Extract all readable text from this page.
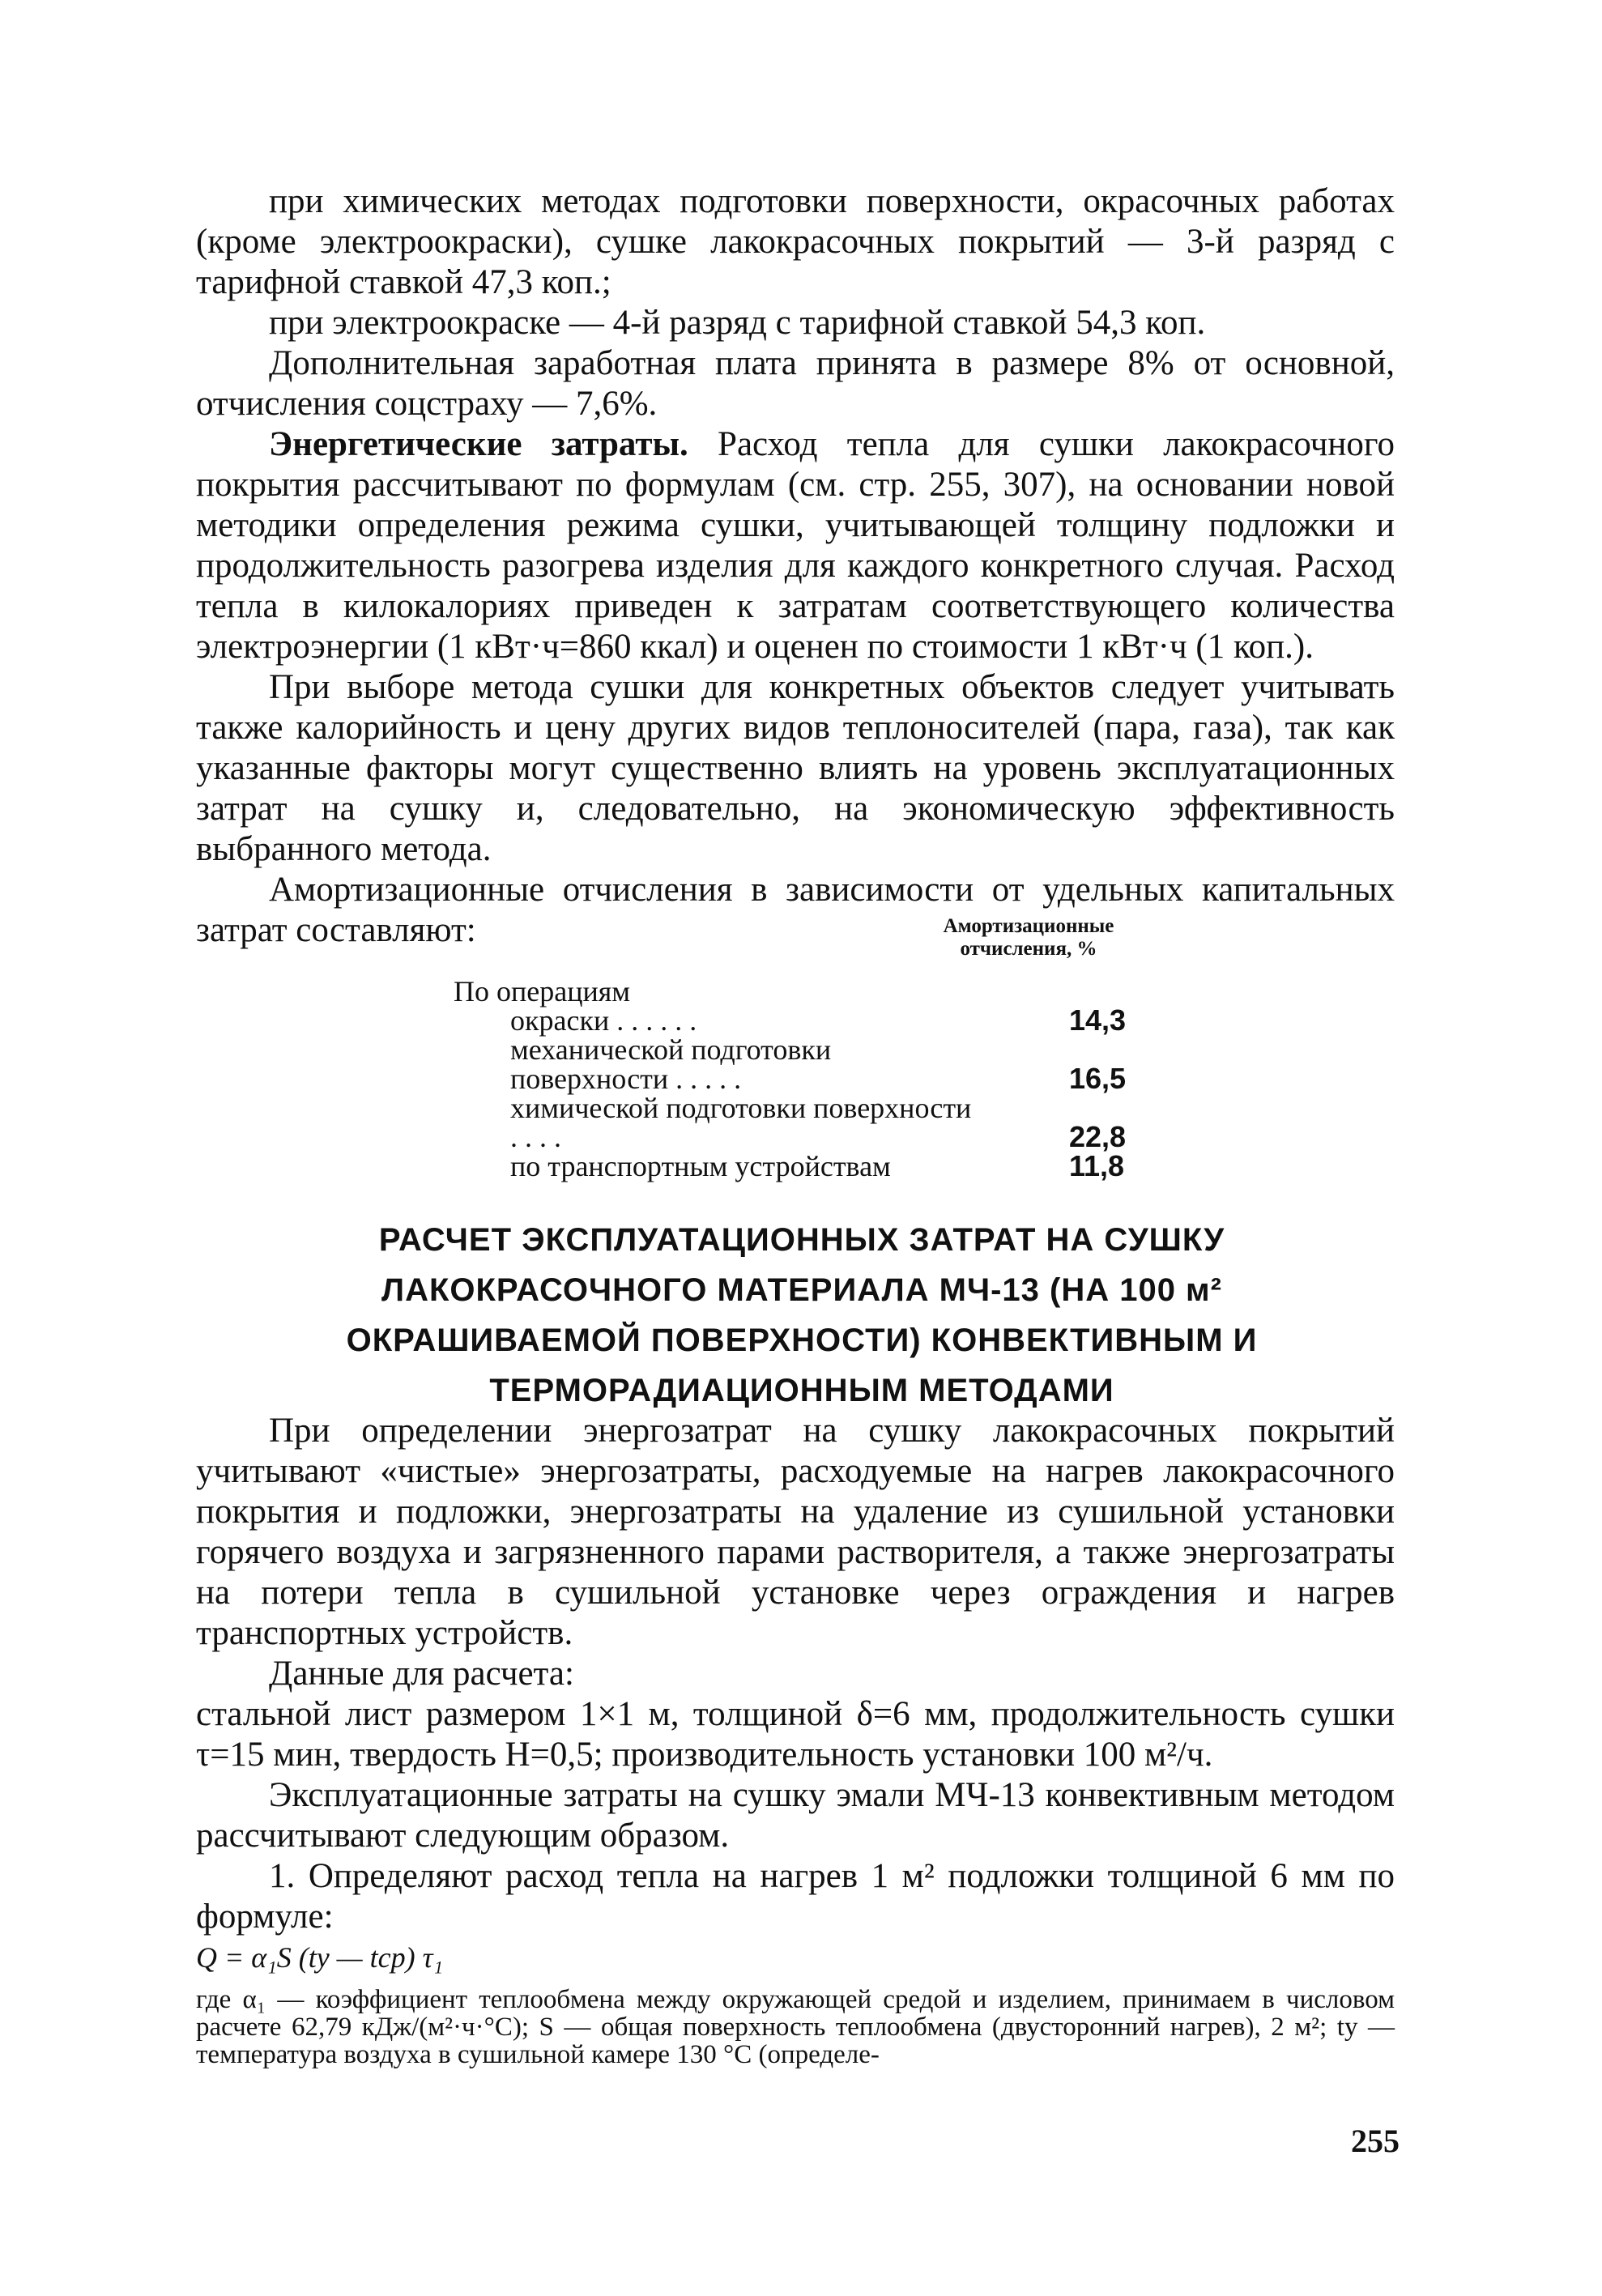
при химических методах подготовки поверхности, окрасочных работах (кроме электроокраски), сушке лакокрасочных покрытий — 3-й разряд с тарифной ставкой 47,3 коп.;

при электроокраске — 4-й разряд с тарифной ставкой 54,3 коп.

Дополнительная заработная плата принята в размере 8% от основной, отчисления соцстраху — 7,6%.

Энергетические затраты. Расход тепла для сушки лакокрасочного покрытия рассчитывают по формулам (см. стр. 255, 307), на основании новой методики определения режима сушки, учитывающей толщину подложки и продолжительность разогрева изделия для каждого конкретного случая. Расход тепла в килокалориях приведен к затратам соответствующего количества электроэнергии (1 кВт·ч=860 ккал) и оценен по стоимости 1 кВт·ч (1 коп.).

При выборе метода сушки для конкретных объектов следует учитывать также калорийность и цену других видов теплоносителей (пара, газа), так как указанные факторы могут существенно влиять на уровень эксплуатационных затрат на сушку и, следовательно, на экономическую эффективность выбранного метода.

Амортизационные отчисления в зависимости от удельных капитальных затрат составляют:	Амортизационные отчисления, %
По операциям
окраски . . . . . .	14,3
механической подготовки поверхности . . . . .	16,5
химической подготовки поверхности . . . .	22,8
по транспортным устройствам	11,8
РАСЧЕТ ЭКСПЛУАТАЦИОННЫХ ЗАТРАТ НА СУШКУ ЛАКОКРАСОЧНОГО МАТЕРИАЛА МЧ-13 (НА 100 м² ОКРАШИВАЕМОЙ ПОВЕРХНОСТИ) КОНВЕКТИВНЫМ И ТЕРМОРАДИАЦИОННЫМ МЕТОДАМИ

При определении энергозатрат на сушку лакокрасочных покрытий учитывают «чистые» энергозатраты, расходуемые на нагрев лакокрасочного покрытия и подложки, энергозатраты на удаление из сушильной установки горячего воздуха и загрязненного парами растворителя, а также энергозатраты на потери тепла в сушильной установке через ограждения и нагрев транспортных устройств.

Данные для расчета:

стальной лист размером 1×1 м, толщиной δ=6 мм, продолжительность сушки τ=15 мин, твердость H=0,5; производительность установки 100 м²/ч.

Эксплуатационные затраты на сушку эмали МЧ-13 конвективным методом рассчитывают следующим образом.

1. Определяют расход тепла на нагрев 1 м² подложки толщиной 6 мм по формуле:

Q = α₁S (tу — tср) τ₁

где α₁ — коэффициент теплообмена между окружающей средой и изделием, принимаем в числовом расчете 62,79 кДж/(м²·ч·°С); S — общая поверхность теплообмена (двусторонний нагрев), 2 м²; tу — температура воздуха в сушильной камере 130 °С (определе-

255
